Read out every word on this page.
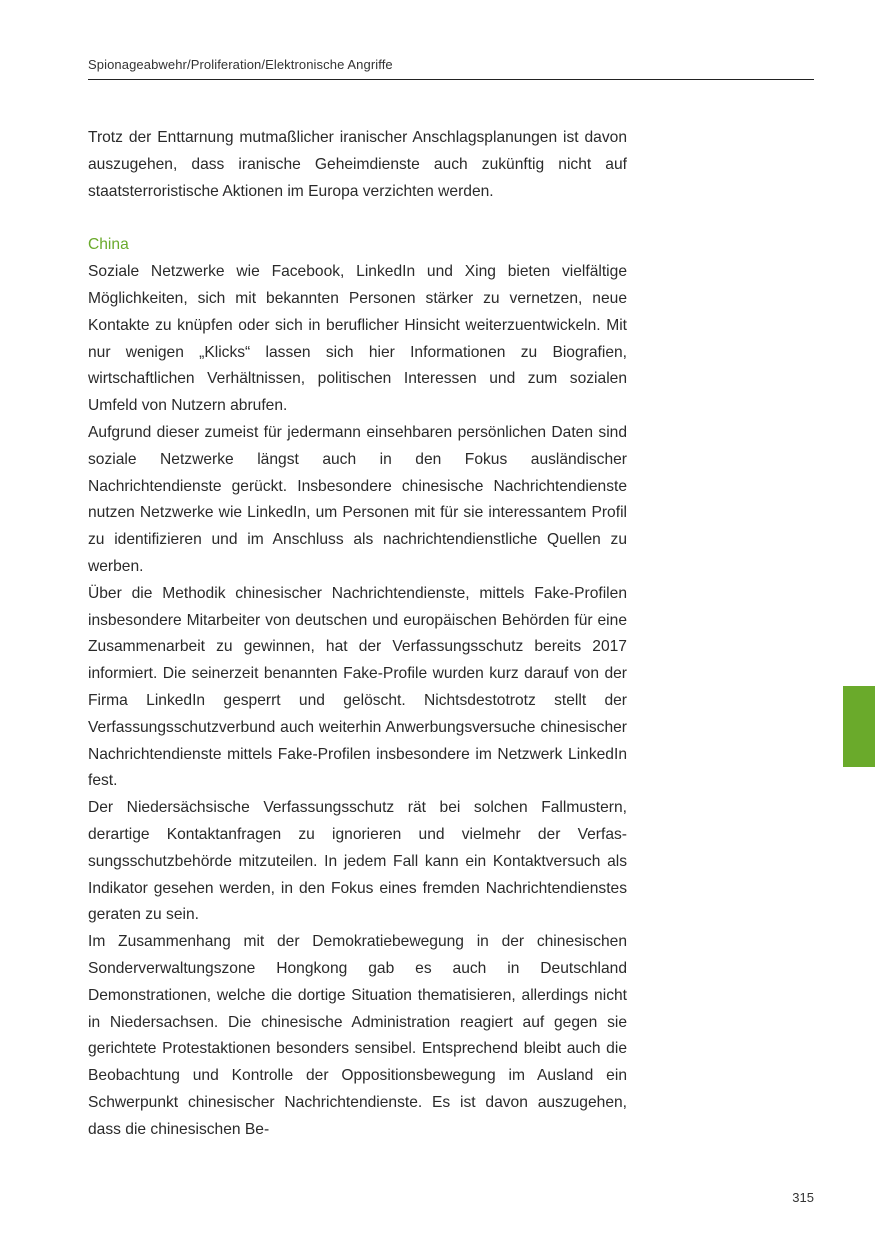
Spionageabwehr/Proliferation/Elektronische Angriffe

Trotz der Enttarnung mutmaßlicher iranischer Anschlagsplanungen ist davon auszugehen, dass iranische Geheimdienste auch zukünftig nicht auf staatsterroristische Aktionen im Europa verzichten werden.

China

Soziale Netzwerke wie Facebook, LinkedIn und Xing bieten vielfältige Möglichkeiten, sich mit bekannten Personen stärker zu vernetzen, neue Kontakte zu knüpfen oder sich in beruflicher Hinsicht weiterzuentwickeln. Mit nur wenigen „Klicks“ lassen sich hier Informationen zu Biografien, wirtschaftlichen Verhältnissen, politischen Interessen und zum sozialen Umfeld von Nutzern abrufen.

Aufgrund dieser zumeist für jedermann einsehbaren persönlichen Daten sind soziale Netzwerke längst auch in den Fokus ausländischer Nachrichtendienste gerückt. Insbesondere chinesische Nachrichtendienste nutzen Netzwerke wie LinkedIn, um Personen mit für sie interessantem Profil zu identifizieren und im Anschluss als nachrichtendienstliche Quellen zu werben.

Über die Methodik chinesischer Nachrichtendienste, mittels Fake-Profilen insbesondere Mitarbeiter von deutschen und europäischen Behörden für eine Zusammenarbeit zu gewinnen, hat der Verfassungsschutz bereits 2017 informiert. Die seinerzeit benannten Fake-Profile wurden kurz darauf von der Firma LinkedIn gesperrt und gelöscht. Nichtsdestotrotz stellt der Verfassungsschutzverbund auch weiterhin Anwerbungsversuche chinesischer Nachrichtendienste mittels Fake-Profilen insbesondere im Netzwerk LinkedIn fest.

Der Niedersächsische Verfassungsschutz rät bei solchen Fallmustern, derartige Kontaktanfragen zu ignorieren und vielmehr der Verfassungsschutzbehörde mitzuteilen. In jedem Fall kann ein Kontaktversuch als Indikator gesehen werden, in den Fokus eines fremden Nachrichtendienstes geraten zu sein.

Im Zusammenhang mit der Demokratiebewegung in der chinesischen Sonderverwaltungszone Hongkong gab es auch in Deutschland Demonstrationen, welche die dortige Situation thematisieren, allerdings nicht in Niedersachsen. Die chinesische Administration reagiert auf gegen sie gerichtete Protestaktionen besonders sensibel. Entsprechend bleibt auch die Beobachtung und Kontrolle der Oppositionsbewegung im Ausland ein Schwerpunkt chinesischer Nachrichtendienste. Es ist davon auszugehen, dass die chinesischen Be-

315
